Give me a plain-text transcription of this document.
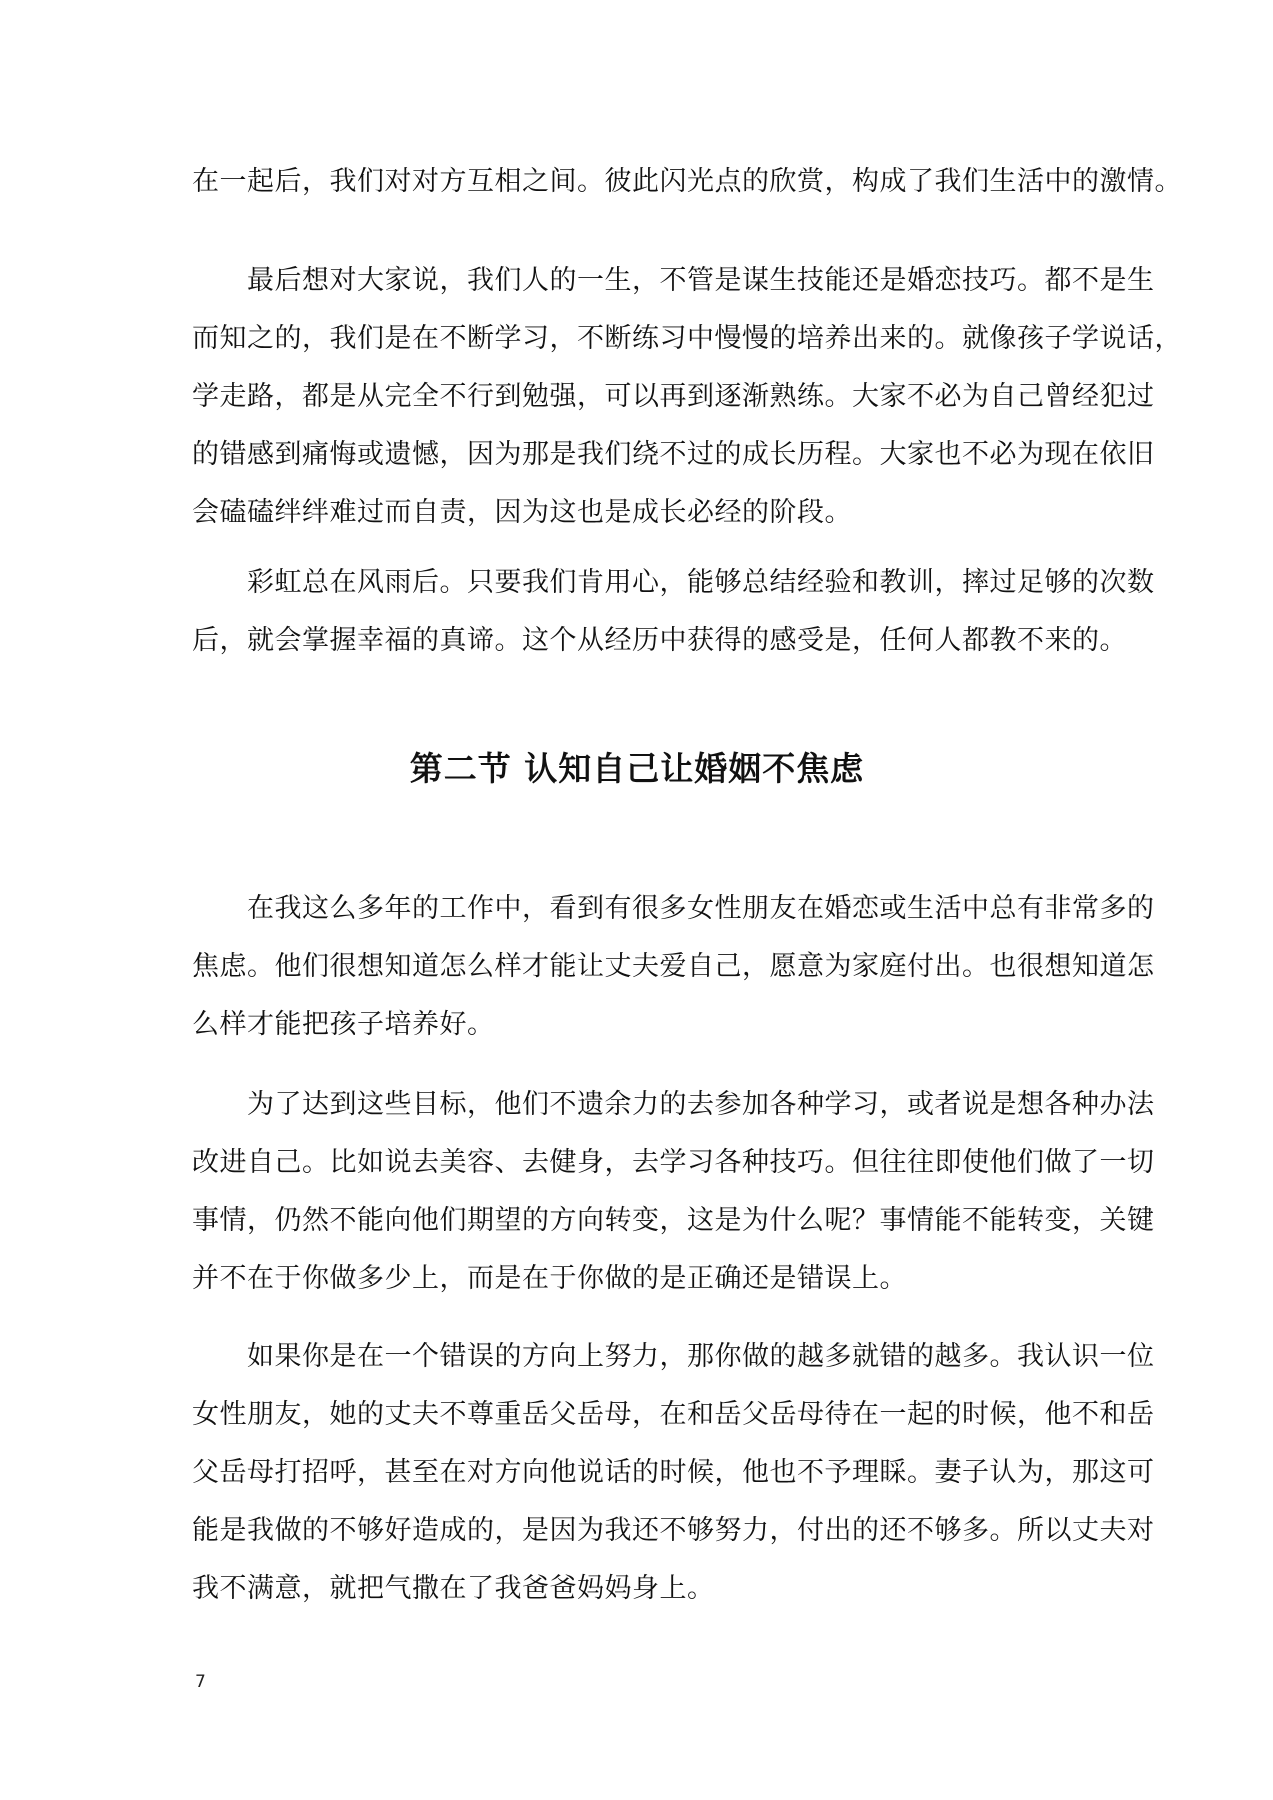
在一起后，我们对对方互相之间。彼此闪光点的欣赏，构成了我们生活中的激情。

　　最后想对大家说，我们人的一生，不管是谋生技能还是婚恋技巧。都不是生
而知之的，我们是在不断学习，不断练习中慢慢的培养出来的。就像孩子学说话，
学走路，都是从完全不行到勉强，可以再到逐渐熟练。大家不必为自己曾经犯过
的错感到痛悔或遗憾，因为那是我们绕不过的成长历程。大家也不必为现在依旧
会磕磕绊绊难过而自责，因为这也是成长必经的阶段。

　　彩虹总在风雨后。只要我们肯用心，能够总结经验和教训，摔过足够的次数
后，就会掌握幸福的真谛。这个从经历中获得的感受是，任何人都教不来的。

第二节 认知自己让婚姻不焦虑

　　在我这么多年的工作中，看到有很多女性朋友在婚恋或生活中总有非常多的
焦虑。他们很想知道怎么样才能让丈夫爱自己，愿意为家庭付出。也很想知道怎
么样才能把孩子培养好。

　　为了达到这些目标，他们不遗余力的去参加各种学习，或者说是想各种办法
改进自己。比如说去美容、去健身，去学习各种技巧。但往往即使他们做了一切
事情，仍然不能向他们期望的方向转变，这是为什么呢？事情能不能转变，关键
并不在于你做多少上，而是在于你做的是正确还是错误上。

　　如果你是在一个错误的方向上努力，那你做的越多就错的越多。我认识一位
女性朋友，她的丈夫不尊重岳父岳母，在和岳父岳母待在一起的时候，他不和岳
父岳母打招呼，甚至在对方向他说话的时候，他也不予理睬。妻子认为，那这可
能是我做的不够好造成的，是因为我还不够努力，付出的还不够多。所以丈夫对
我不满意，就把气撒在了我爸爸妈妈身上。

7
